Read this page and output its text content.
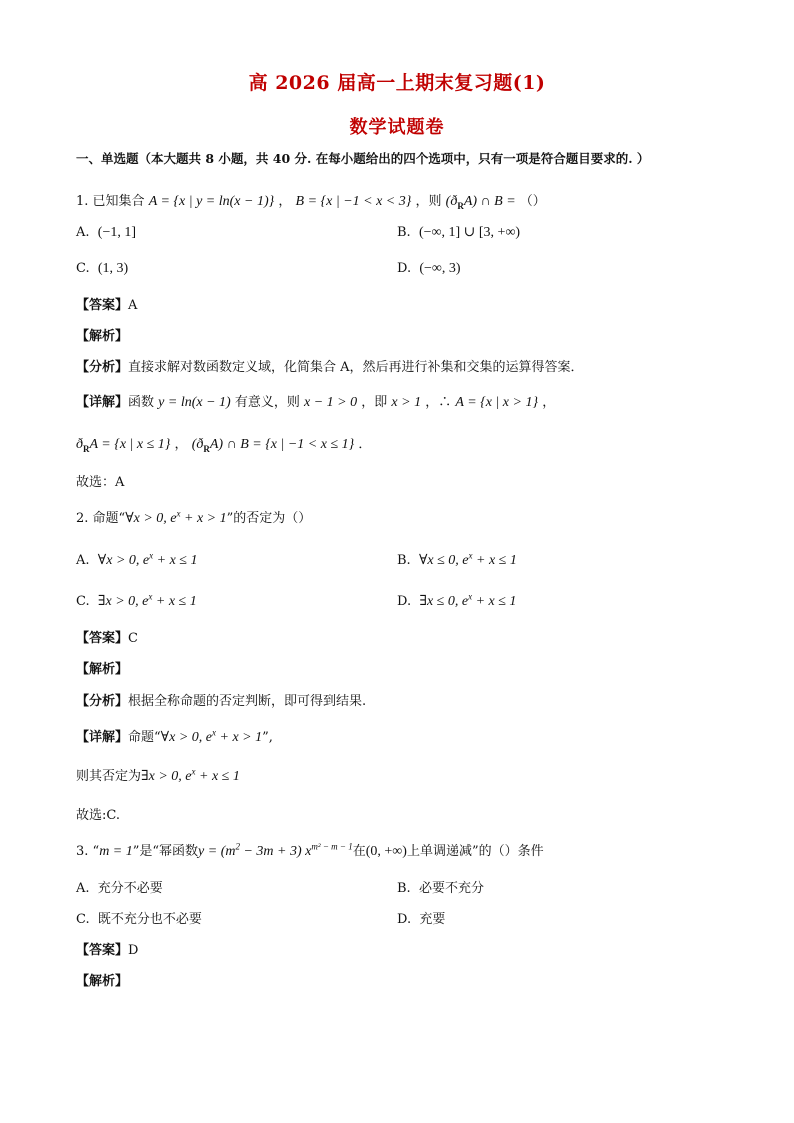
高 2026 届高一上期末复习题(1)
数学试题卷
一、单选题（本大题共 8 小题，共 40 分. 在每小题给出的四个选项中，只有一项是符合题目要求的. ）
1. 已知集合 A = {x | y = ln(x − 1)} ， B = {x | −1 < x < 3} ，则 $(ð_RA)$ ∩ B = （）
A. (−1, 1]	B. (−∞, 1] ∪ [3, +∞)
C. (1, 3)	D. (−∞, 3)
【答案】A
【解析】
【分析】直接求解对数函数定义域，化简集合 A，然后再进行补集和交集的运算得答案．
【详解】函数 y = ln(x − 1) 有意义，则 x − 1 > 0 ，即 x > 1 ，∴ A = {x | x > 1} ，
$ð_RA = \{x$ | x ≤ 1} ， $(ð_RA)$ ∩ B = {x | −1 < x ≤ 1} ．
故选：A
2. 命题“∀x > 0, $e^x + x > 1$”的否定为（）
A. ∀x > 0, $e^x + x \le 1$	B. ∀x ≤ 0, $e^x + x \le 1$
C. ∃x > 0, $e^x + x \le 1$	D. ∃x ≤ 0, $e^x + x \le 1$
【答案】C
【解析】
【分析】根据全称命题的否定判断，即可得到结果.
【详解】命题“∀x > 0, $e^x + x > 1$”,
则其否定为∃x > 0, $e^x + x \le 1$
故选:C.
3. “m = 1”是“幂函数$y = (m^2 - 3m + 3)$ $x^{m^2 - m - 1}$在(0, +∞)上单调递减”的（）条件
A. 充分不必要	B. 必要不充分
C. 既不充分也不必要	D. 充要
【答案】D
【解析】
